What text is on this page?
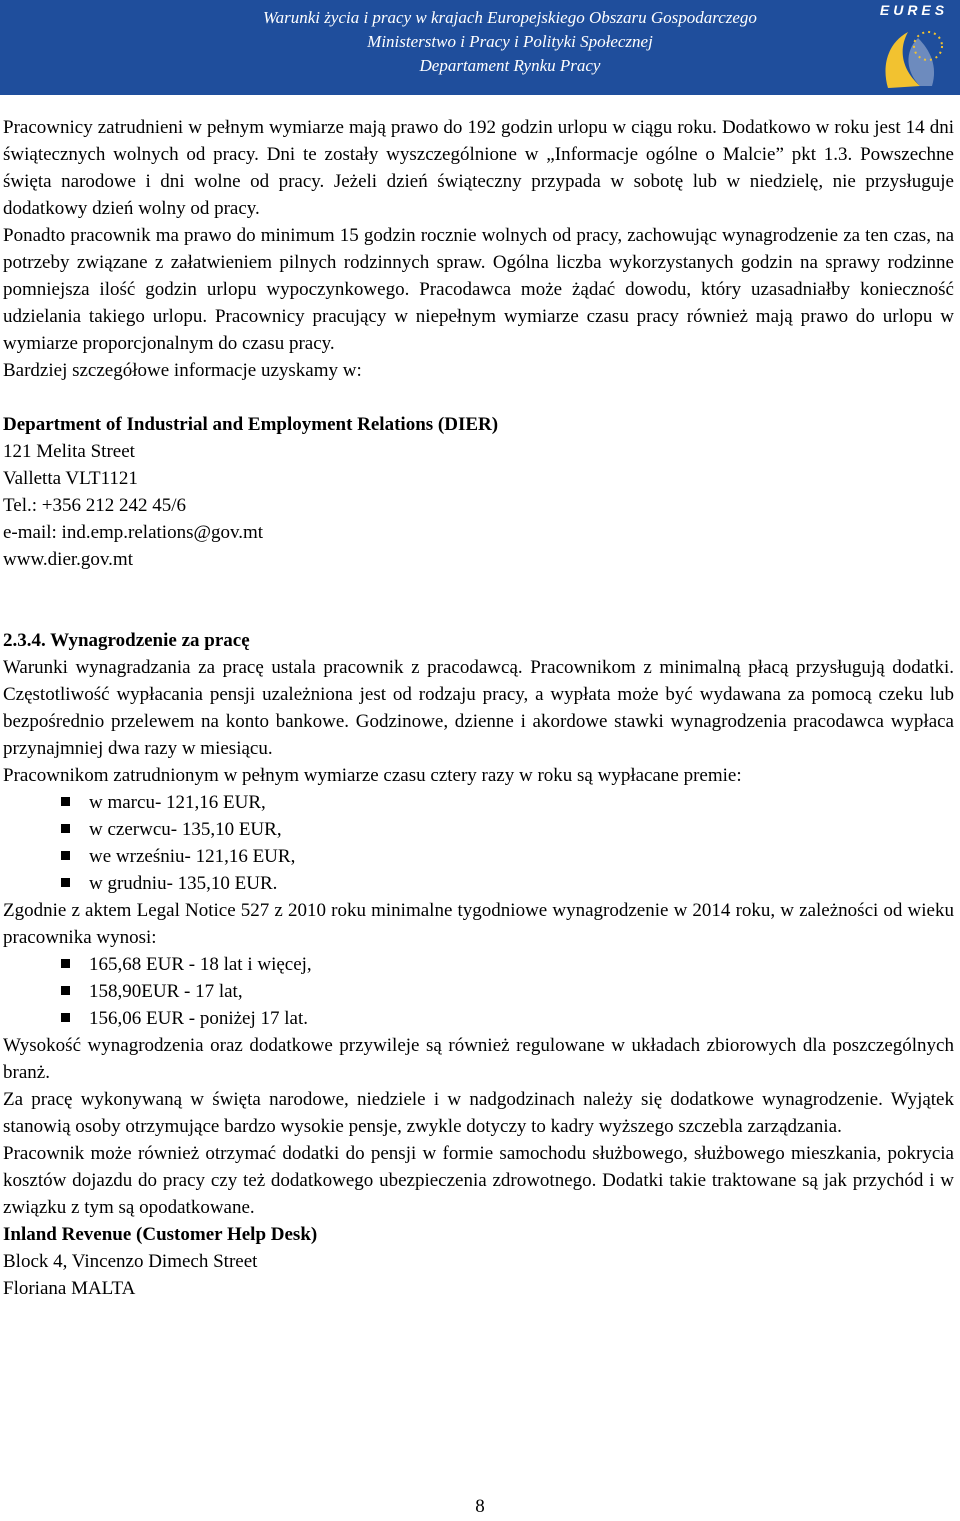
Warunki życia i pracy w krajach Europejskiego Obszaru Gospodarczego
Ministerstwo i Pracy i Polityki Społecznej
Departament Rynku Pracy
EURES

Pracownicy zatrudnieni w pełnym wymiarze mają prawo do 192 godzin urlopu w ciągu roku. Dodatkowo w roku jest 14 dni świątecznych wolnych od pracy. Dni te zostały wyszczególnione w „Informacje ogólne o Malcie” pkt 1.3. Powszechne święta narodowe i dni wolne od pracy. Jeżeli dzień świąteczny przypada w sobotę lub w niedzielę, nie przysługuje dodatkowy dzień wolny od pracy.

Ponadto pracownik ma prawo do minimum 15 godzin rocznie wolnych od pracy, zachowując wynagrodzenie za ten czas, na potrzeby związane z załatwieniem pilnych rodzinnych spraw. Ogólna liczba wykorzystanych godzin na sprawy rodzinne pomniejsza ilość godzin urlopu wypoczynkowego. Pracodawca może żądać dowodu, który uzasadniałby konieczność udzielania takiego urlopu. Pracownicy pracujący w niepełnym wymiarze czasu pracy również mają prawo do urlopu w wymiarze proporcjonalnym do czasu pracy.

Bardziej szczegółowe informacje uzyskamy w:

Department of Industrial and Employment Relations (DIER)
121 Melita Street
Valletta VLT1121
Tel.: +356 212 242 45/6
e-mail: ind.emp.relations@gov.mt
www.dier.gov.mt
2.3.4. Wynagrodzenie za pracę

Warunki wynagradzania za pracę ustala pracownik z pracodawcą. Pracownikom z minimalną płacą przysługują dodatki. Częstotliwość wypłacania pensji uzależniona jest od rodzaju pracy, a wypłata może być wydawana za pomocą czeku lub bezpośrednio przelewem na konto bankowe. Godzinowe, dzienne i akordowe stawki wynagrodzenia pracodawca wypłaca przynajmniej dwa razy w miesiącu.

Pracownikom zatrudnionym w pełnym wymiarze czasu cztery razy w roku są wypłacane premie:

w marcu- 121,16 EUR,
w czerwcu- 135,10 EUR,
we wrześniu- 121,16 EUR,
w grudniu- 135,10 EUR.

Zgodnie z aktem Legal Notice 527 z 2010 roku minimalne tygodniowe wynagrodzenie w 2014 roku, w zależności od wieku pracownika wynosi:

165,68 EUR - 18 lat i więcej,
158,90EUR - 17 lat,
156,06 EUR - poniżej 17 lat.

Wysokość wynagrodzenia oraz dodatkowe przywileje są również regulowane w układach zbiorowych dla poszczególnych branż.

Za pracę wykonywaną w święta narodowe, niedziele i w nadgodzinach należy się dodatkowe wynagrodzenie. Wyjątek stanowią osoby otrzymujące bardzo wysokie pensje, zwykle dotyczy to kadry wyższego szczebla zarządzania.

Pracownik może również otrzymać dodatki do pensji w formie samochodu służbowego, służbowego mieszkania, pokrycia kosztów dojazdu do pracy czy też dodatkowego ubezpieczenia zdrowotnego. Dodatki takie traktowane są jak przychód i w związku z tym są opodatkowane.

Inland Revenue (Customer Help Desk)
Block 4, Vincenzo Dimech Street
Floriana MALTA
8
